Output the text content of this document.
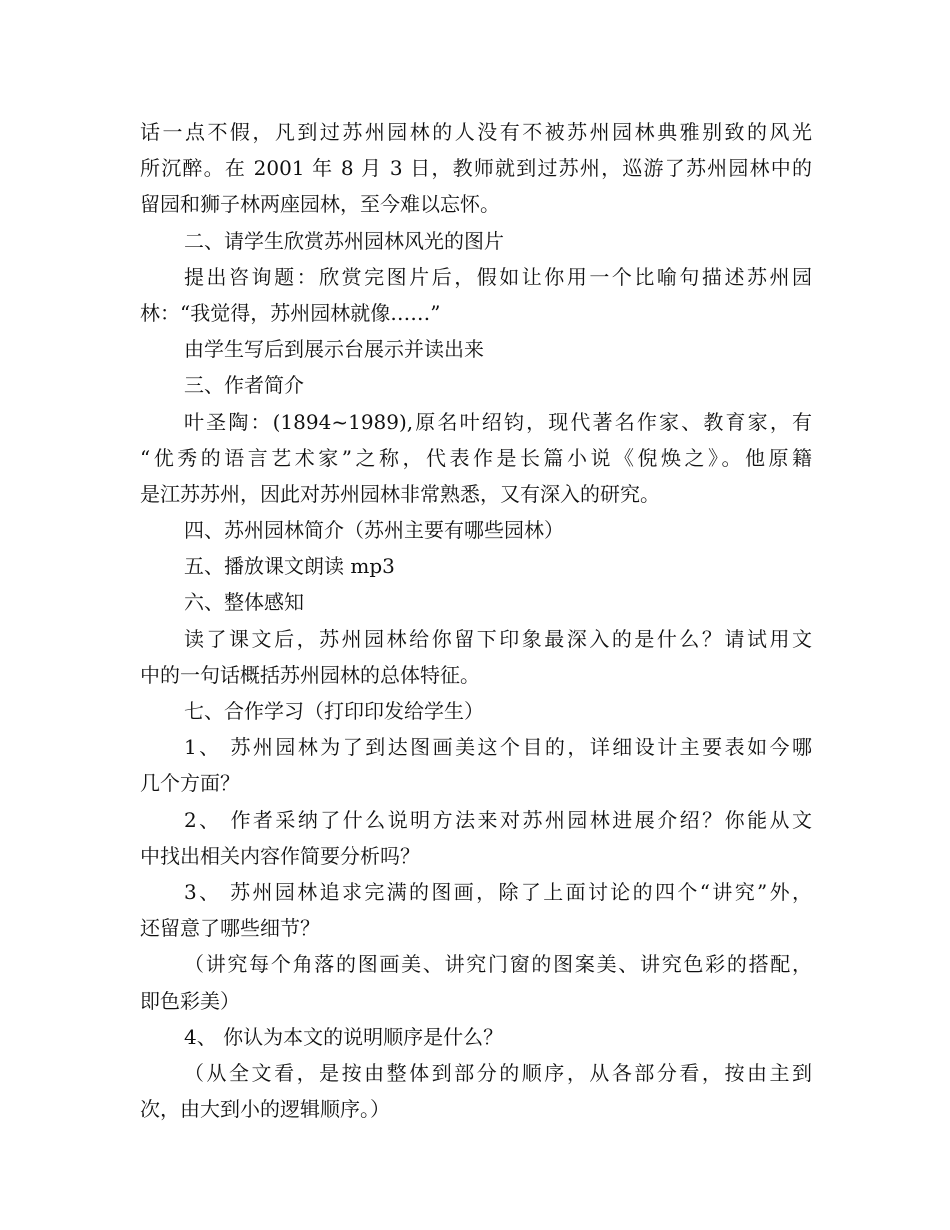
话一点不假，凡到过苏州园林的人没有不被苏州园林典雅别致的风光
所沉醉。在 2001 年 8 月 3 日，教师就到过苏州，巡游了苏州园林中的
留园和狮子林两座园林，至今难以忘怀。
二、请学生欣赏苏州园林风光的图片
提出咨询题：欣赏完图片后，假如让你用一个比喻句描述苏州园
林：“我觉得，苏州园林就像……”
由学生写后到展示台展示并读出来
三、作者简介
叶圣陶：(1894~1989),原名叶绍钧，现代著名作家、教育家，有
“优秀的语言艺术家”之称，代表作是长篇小说《倪焕之》。他原籍
是江苏苏州，因此对苏州园林非常熟悉，又有深入的研究。
四、苏州园林简介（苏州主要有哪些园林）
五、播放课文朗读 mp3
六、整体感知
读了课文后，苏州园林给你留下印象最深入的是什么？请试用文
中的一句话概括苏州园林的总体特征。
七、合作学习（打印印发给学生）
1、 苏州园林为了到达图画美这个目的，详细设计主要表如今哪
几个方面？
2、 作者采纳了什么说明方法来对苏州园林进展介绍？你能从文
中找出相关内容作简要分析吗？
3、 苏州园林追求完满的图画，除了上面讨论的四个“讲究”外，
还留意了哪些细节？
（讲究每个角落的图画美、讲究门窗的图案美、讲究色彩的搭配，
即色彩美）
4、 你认为本文的说明顺序是什么？
（从全文看，是按由整体到部分的顺序，从各部分看，按由主到
次，由大到小的逻辑顺序。）
